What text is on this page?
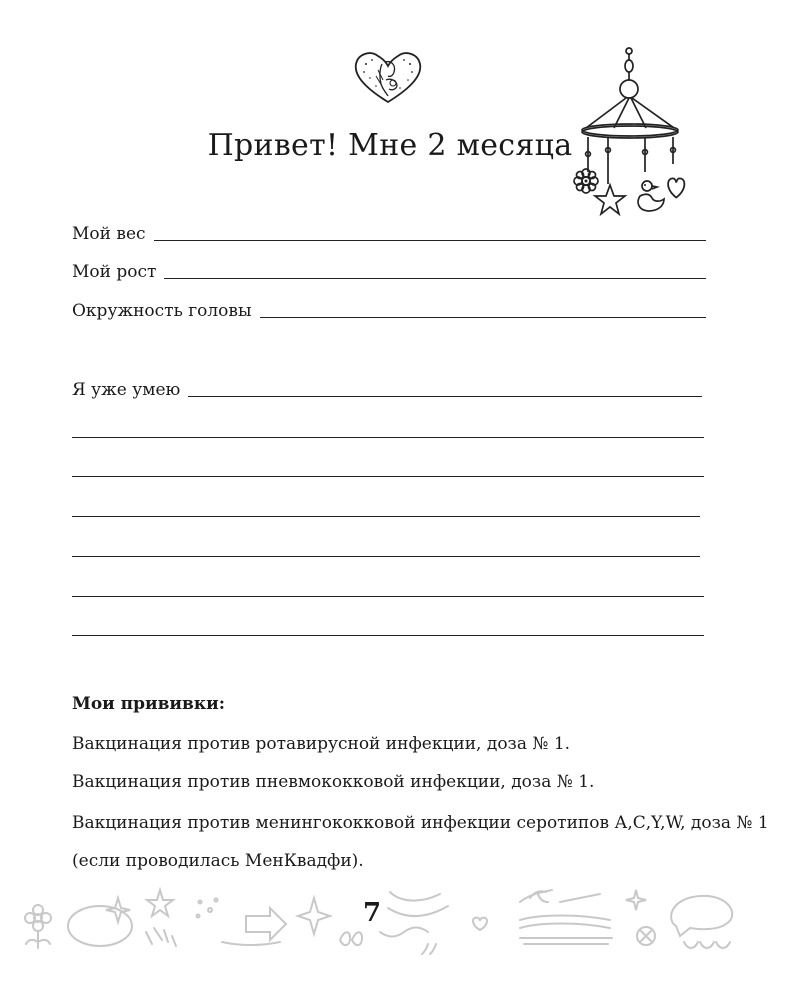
Привет! Мне 2 месяца
Мой вес
Мой рост
Окружность головы
Я уже умею
Мои прививки:
Вакцинация против ротавирусной инфекции, доза № 1.
Вакцинация против пневмококковой инфекции, доза № 1.
Вакцинация против менингококковой инфекции серотипов А,С,Y,W, доза № 1
(если проводилась МенКвадфи).
7
